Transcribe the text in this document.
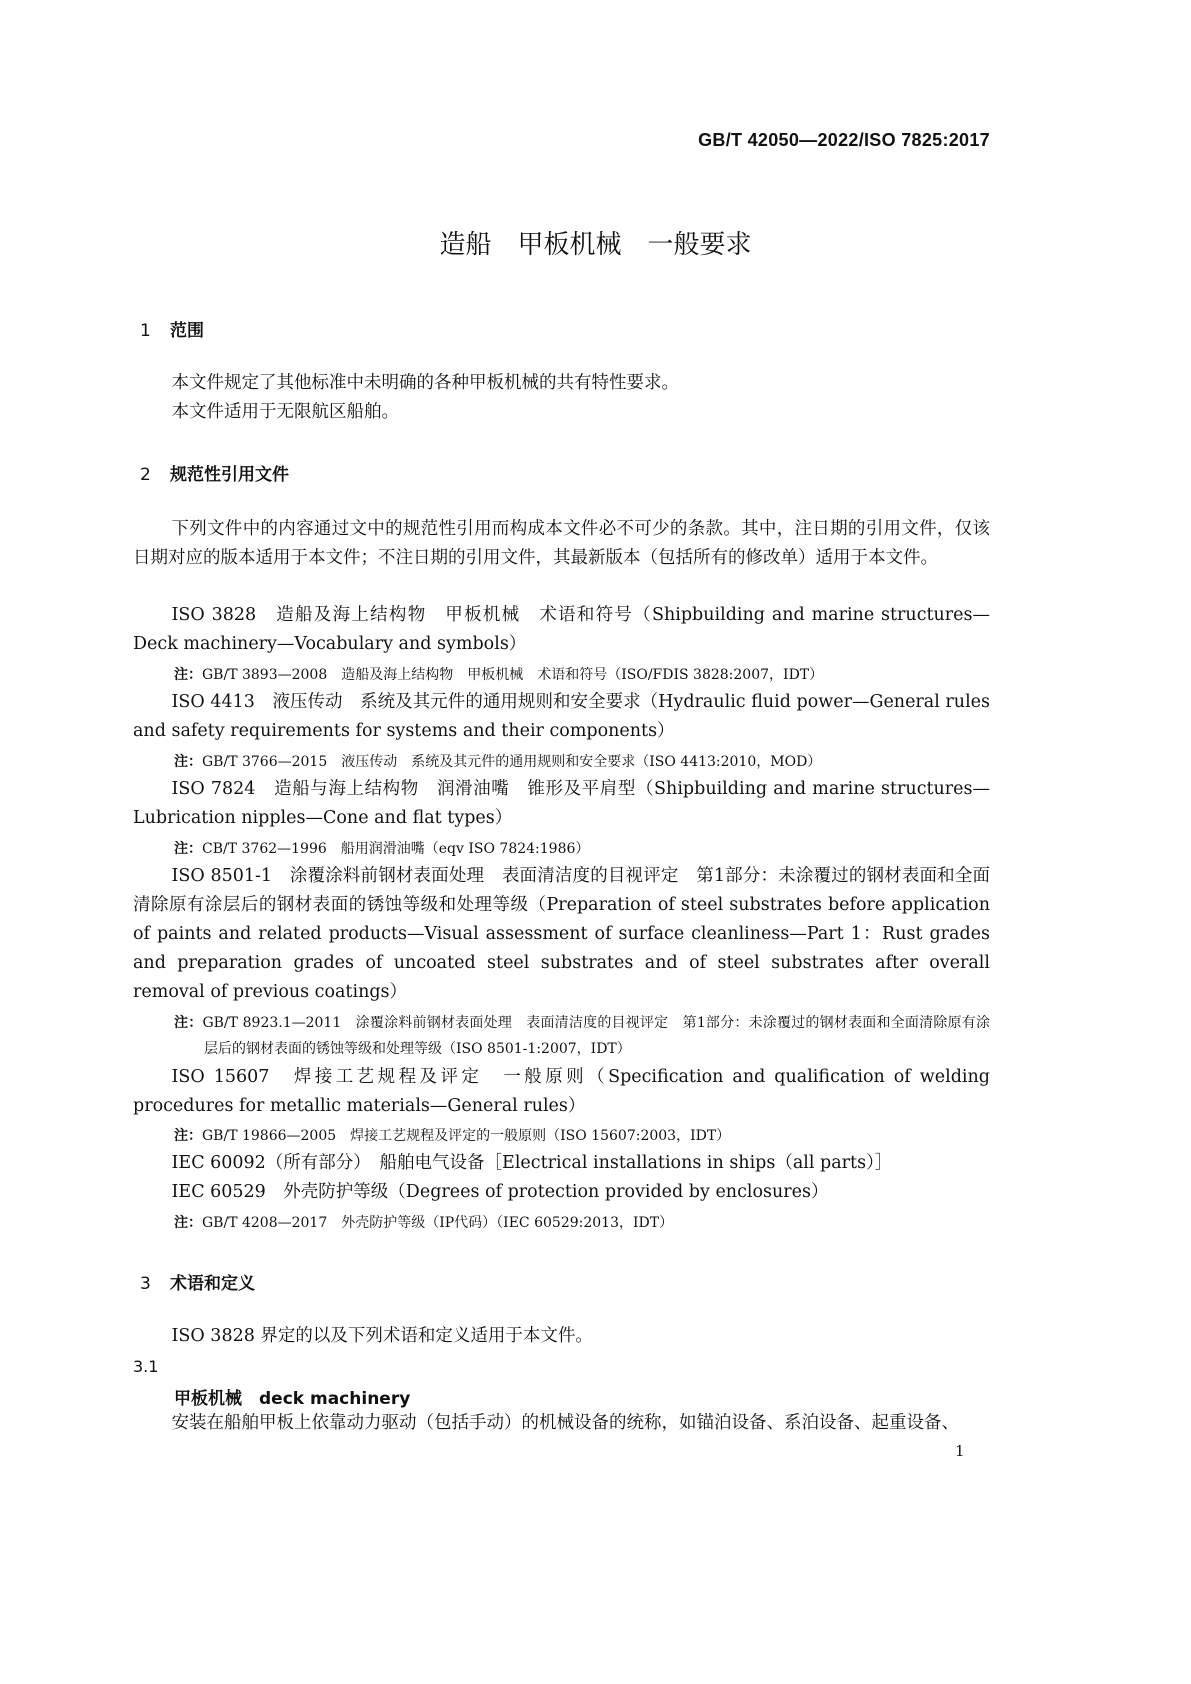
GB/T 42050—2022/ISO 7825:2017
造船　甲板机械　一般要求
1 范围
本文件规定了其他标准中未明确的各种甲板机械的共有特性要求。
本文件适用于无限航区船舶。
2 规范性引用文件
下列文件中的内容通过文中的规范性引用而构成本文件必不可少的条款。其中，注日期的引用文件，仅该日期对应的版本适用于本文件；不注日期的引用文件，其最新版本（包括所有的修改单）适用于本文件。
ISO 3828　造船及海上结构物　甲板机械　术语和符号（Shipbuilding and marine structures—Deck machinery—Vocabulary and symbols）
注：GB/T 3893—2008　造船及海上结构物　甲板机械　术语和符号（ISO/FDIS 3828:2007，IDT）
ISO 4413　液压传动　系统及其元件的通用规则和安全要求（Hydraulic fluid power—General rules and safety requirements for systems and their components）
注：GB/T 3766—2015　液压传动　系统及其元件的通用规则和安全要求（ISO 4413:2010，MOD）
ISO 7824　造船与海上结构物　润滑油嘴　锥形及平肩型（Shipbuilding and marine structures—Lubrication nipples—Cone and flat types）
注：CB/T 3762—1996　船用润滑油嘴（eqv ISO 7824:1986）
ISO 8501-1　涂覆涂料前钢材表面处理　表面清洁度的目视评定　第1部分：未涂覆过的钢材表面和全面清除原有涂层后的钢材表面的锈蚀等级和处理等级（Preparation of steel substrates before application of paints and related products—Visual assessment of surface cleanliness—Part 1：Rust grades and preparation grades of uncoated steel substrates and of steel substrates after overall removal of previous coatings）
注：GB/T 8923.1—2011　涂覆涂料前钢材表面处理　表面清洁度的目视评定　第1部分：未涂覆过的钢材表面和全面清除原有涂层后的钢材表面的锈蚀等级和处理等级（ISO 8501-1:2007，IDT）
ISO 15607　焊接工艺规程及评定　一般原则（Specification and qualification of welding procedures for metallic materials—General rules）
注：GB/T 19866—2005　焊接工艺规程及评定的一般原则（ISO 15607:2003，IDT）
IEC 60092（所有部分）　船舶电气设备［Electrical installations in ships（all parts）］
IEC 60529　外壳防护等级（Degrees of protection provided by enclosures）
注：GB/T 4208—2017　外壳防护等级（IP代码）（IEC 60529:2013，IDT）
3 术语和定义
ISO 3828 界定的以及下列术语和定义适用于本文件。
3.1
甲板机械　deck machinery
安装在船舶甲板上依靠动力驱动（包括手动）的机械设备的统称，如锚泊设备、系泊设备、起重设备、
1
